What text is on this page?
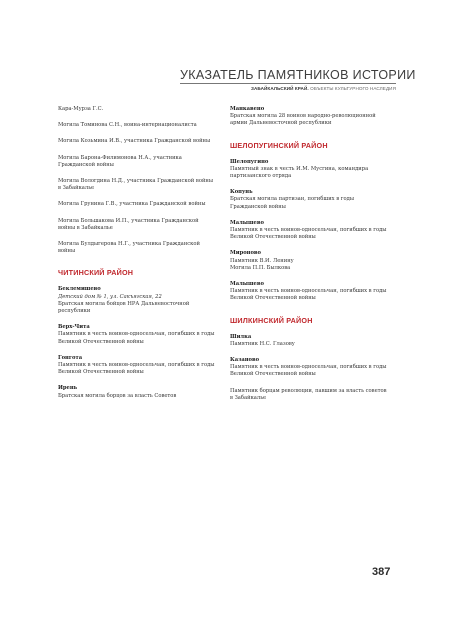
УКАЗАТЕЛЬ ПАМЯТНИКОВ ИСТОРИИ
ЗАБАЙКАЛЬСКИЙ КРАЙ. ОБЪЕКТЫ КУЛЬТУРНОГО НАСЛЕДИЯ
Кара-Мурза Г.С.
Могила Томинова С.Н., воина-интернационалиста
Могила Козьмина И.В., участника Гражданской войны
Могила Барона-Филимонова Н.А., участника
Гражданской войны
Могила Вологдина Н.Д., участника Гражданской войны
в Забайкалье
Могила Грунина Г.В., участника Гражданской войны
Могила Большакова И.П., участника Гражданской
войны в Забайкалье
Могила Булдыгерова Н.Г., участника Гражданской
войны
ЧИТИНСКИЙ РАЙОН
Беклемишево
Детский дом № 1, ул. Сакъягская, 22
Братская могила бойцов НРА Дальневосточной
республики
Верх-Чита
Памятник в честь воинов-односельчан, погибших в годы
Великой Отечественной войны
Гонгота
Памятник в честь воинов-односельчан, погибших в годы
Великой Отечественной войны
Ирень
Братская могила борцов за власть Советов
Манкавено
Братская могила 28 воинов народно-революционной
армии Дальневосточной республики
ШЕЛОПУГИНСКИЙ РАЙОН
Шелопугино
Памятный знак в честь И.М. Мусгина, командира
партизанского отряда
Копунь
Братская могила партизан, погибших в годы
Гражданской войны
Малышево
Памятник в честь воинов-односельчан, погибших в годы
Великой Отечественной войны
Мироново
Памятник В.И. Ленину
Могила П.П. Былкова
Малышево
Памятник в честь воинов-односельчан, погибших в годы
Великой Отечественной войны
ШИЛКИНСКИЙ РАЙОН
Шилка
Памятник Н.С. Глазову
Казаново
Памятник в честь воинов-односельчан, погибших в годы
Великой Отечественной войны
Памятник борцам революции, павшим за власть советов
в Забайкалье
387
